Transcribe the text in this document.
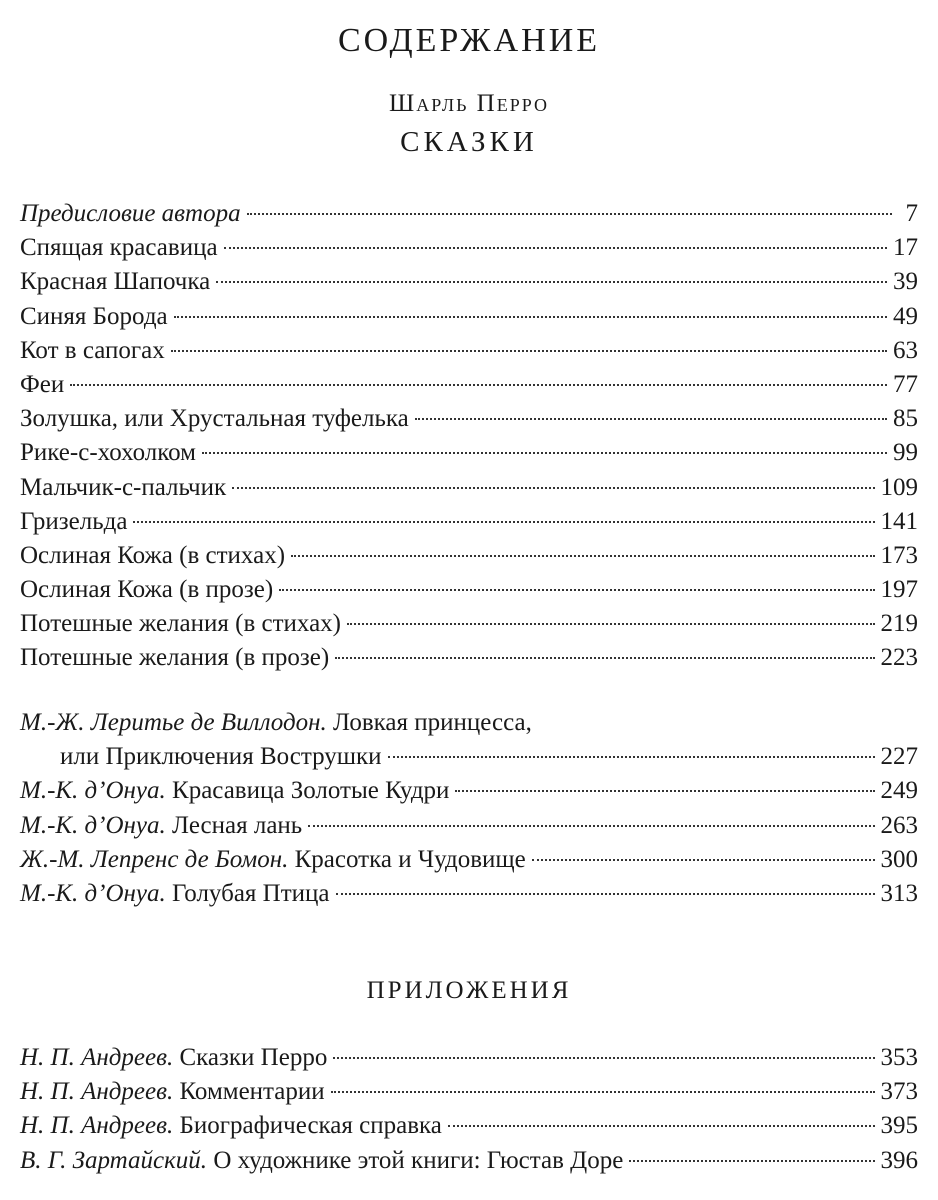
СОДЕРЖАНИЕ
Шарль Перро
СКАЗКИ
Предисловие автора	7
Спящая красавица	17
Красная Шапочка	39
Синяя Борода	49
Кот в сапогах	63
Феи	77
Золушка, или Хрустальная туфелька	85
Рике-с-хохолком	99
Мальчик-с-пальчик	109
Гризельда	141
Ослиная Кожа (в стихах)	173
Ослиная Кожа (в прозе)	197
Потешные желания (в стихах)	219
Потешные желания (в прозе)	223
М.-Ж. Леритье де Виллодон. Ловкая принцесса,
или Приключения Вострушки	227
М.-К. д’Онуа. Красавица Золотые Кудри	249
М.-К. д’Онуа. Лесная лань	263
Ж.-М. Лепренс де Бомон. Красотка и Чудовище	300
М.-К. д’Онуа. Голубая Птица	313
ПРИЛОЖЕНИЯ
Н. П. Андреев. Сказки Перро	353
Н. П. Андреев. Комментарии	373
Н. П. Андреев. Биографическая справка	395
В. Г. Зартайский. О художнике этой книги: Гюстав Доре	396
